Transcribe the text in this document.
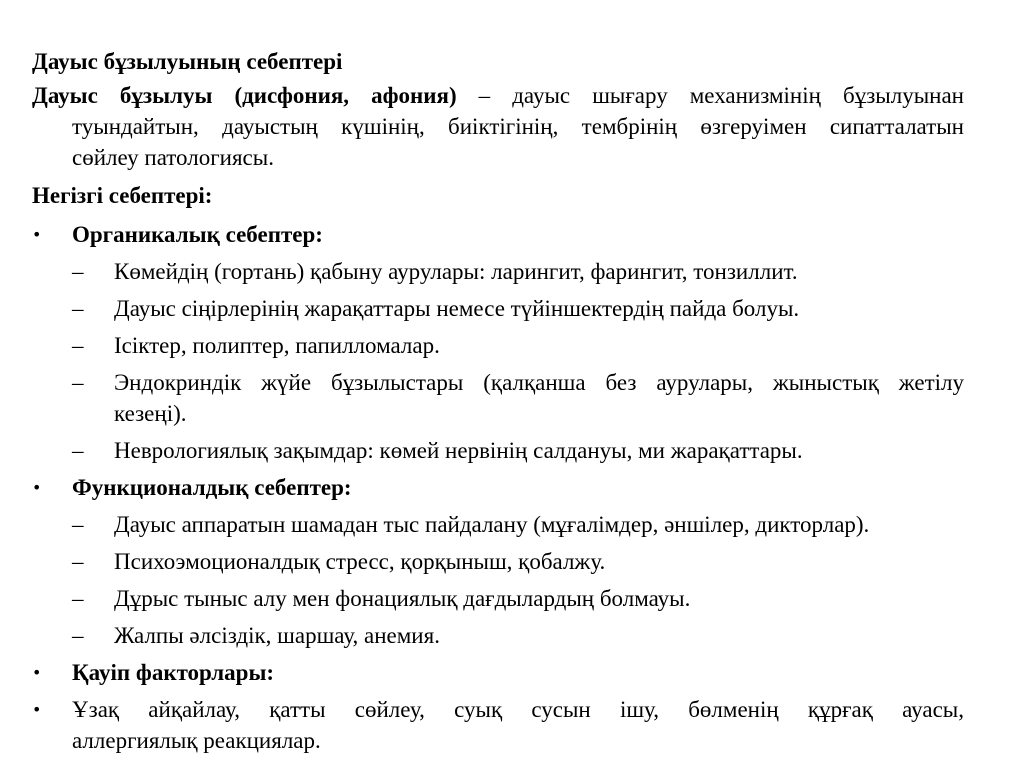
Дауыс бұзылуының себептері
Дауыс бұзылуы (дисфония, афония) – дауыс шығару механизмінің бұзылуынан
туындайтын, дауыстың күшінің, биіктігінің, тембрінің өзгеруімен сипатталатын
сөйлеу патологиясы.
Негізгі себептері:
•	Органикалық себептер:
–	Көмейдің (гортань) қабыну аурулары: ларингит, фарингит, тонзиллит.
–	Дауыс сіңірлерінің жарақаттары немесе түйіншектердің пайда болуы.
–	Ісіктер, полиптер, папилломалар.
–	Эндокриндік жүйе бұзылыстары (қалқанша без аурулары, жыныстық жетілу
кезеңі).
–	Неврологиялық зақымдар: көмей нервінің салдануы, ми жарақаттары.
•	Функционалдық себептер:
–	Дауыс аппаратын шамадан тыс пайдалану (мұғалімдер, әншілер, дикторлар).
–	Психоэмоционалдық стресс, қорқыныш, қобалжу.
–	Дұрыс тыныс алу мен фонациялық дағдылардың болмауы.
–	Жалпы әлсіздік, шаршау, анемия.
•	Қауіп факторлары:
•	Ұзақ айқайлау, қатты сөйлеу, суық сусын ішу, бөлменің құрғақ ауасы,
аллергиялық реакциялар.
